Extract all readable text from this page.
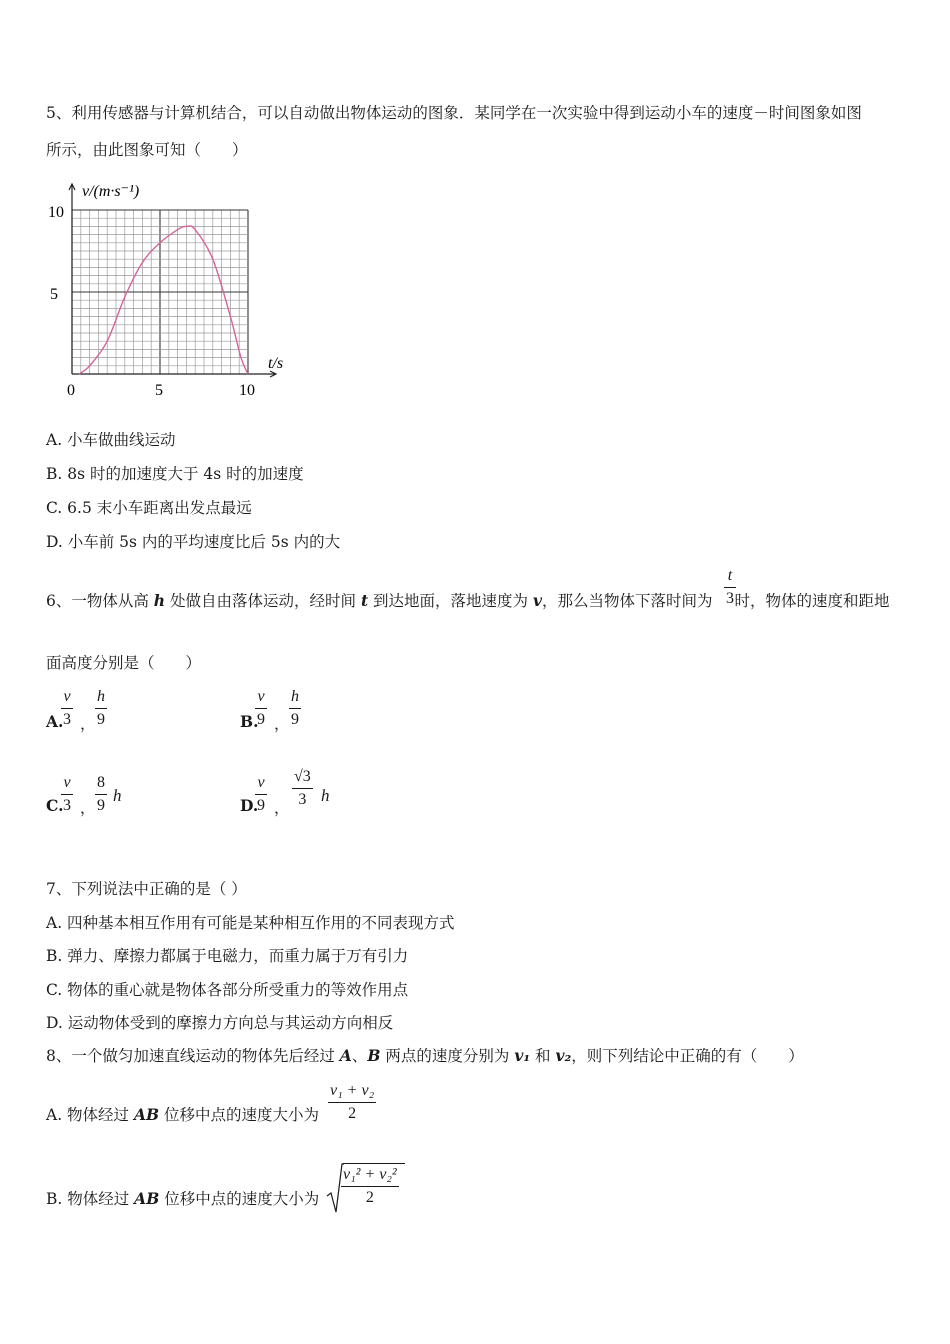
5、利用传感器与计算机结合，可以自动做出物体运动的图象．某同学在一次实验中得到运动小车的速度－时间图象如图
所示，由此图象可知（　　）
v/(m·s⁻¹)
t/s
10
5
0	5	10
A. 小车做曲线运动
B. 8s 时的加速度大于 4s 时的加速度
C. 6.5 末小车距离出发点最远
D. 小车前 5s 内的平均速度比后 5s 内的大
6、一物体从高 h 处做自由落体运动，经时间 t 到达地面，落地速度为 v，那么当物体下落时间为 时，物体的速度和距地
t
3
面高度分别是（　　）
A.
v
3 ，
h
9	B.
v
9 ，
h
9
C.
v
3 ，
8
9
h
D.
v
9 ，
√3
3 h
7、下列说法中正确的是（ ）
A. 四种基本相互作用有可能是某种相互作用的不同表现方式
B. 弹力、摩擦力都属于电磁力，而重力属于万有引力
C. 物体的重心就是物体各部分所受重力的等效作用点
D. 运动物体受到的摩擦力方向总与其运动方向相反
8、一个做匀加速直线运动的物体先后经过 A、B 两点的速度分别为 v₁ 和 v₂，则下列结论中正确的有（　　）
A. 物体经过 AB 位移中点的速度大小为
v₁ + v₂
2
B. 物体经过 AB 位移中点的速度大小为
v₁² + v₂²
2
